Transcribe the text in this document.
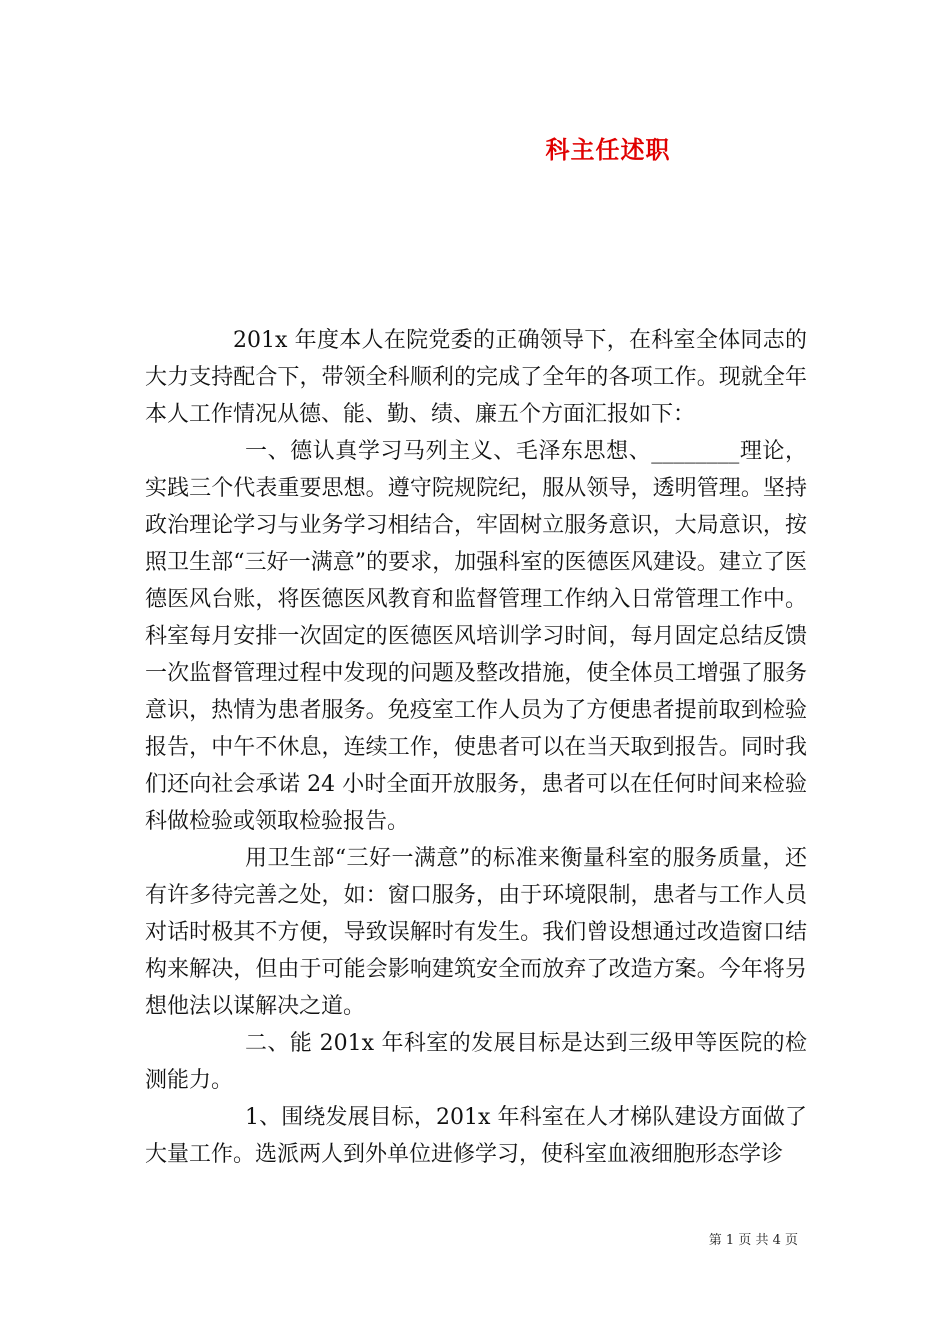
科主任述职

201x 年度本人在院党委的正确领导下，在科室全体同志的大力支持配合下，带领全科顺利的完成了全年的各项工作。现就全年本人工作情况从德、能、勤、绩、廉五个方面汇报如下：

一、德认真学习马列主义、毛泽东思想、________理论，实践三个代表重要思想。遵守院规院纪，服从领导，透明管理。坚持政治理论学习与业务学习相结合，牢固树立服务意识，大局意识，按照卫生部“三好一满意”的要求，加强科室的医德医风建设。建立了医德医风台账，将医德医风教育和监督管理工作纳入日常管理工作中。科室每月安排一次固定的医德医风培训学习时间，每月固定总结反馈一次监督管理过程中发现的问题及整改措施，使全体员工增强了服务意识，热情为患者服务。免疫室工作人员为了方便患者提前取到检验报告，中午不休息，连续工作，使患者可以在当天取到报告。同时我们还向社会承诺 24 小时全面开放服务，患者可以在任何时间来检验科做检验或领取检验报告。

用卫生部“三好一满意”的标准来衡量科室的服务质量，还有许多待完善之处，如：窗口服务，由于环境限制，患者与工作人员对话时极其不方便，导致误解时有发生。我们曾设想通过改造窗口结构来解决，但由于可能会影响建筑安全而放弃了改造方案。今年将另想他法以谋解决之道。

二、能 201x 年科室的发展目标是达到三级甲等医院的检测能力。

1、围绕发展目标，201x 年科室在人才梯队建设方面做了大量工作。选派两人到外单位进修学习，使科室血液细胞形态学诊

第 1 页 共 4 页
